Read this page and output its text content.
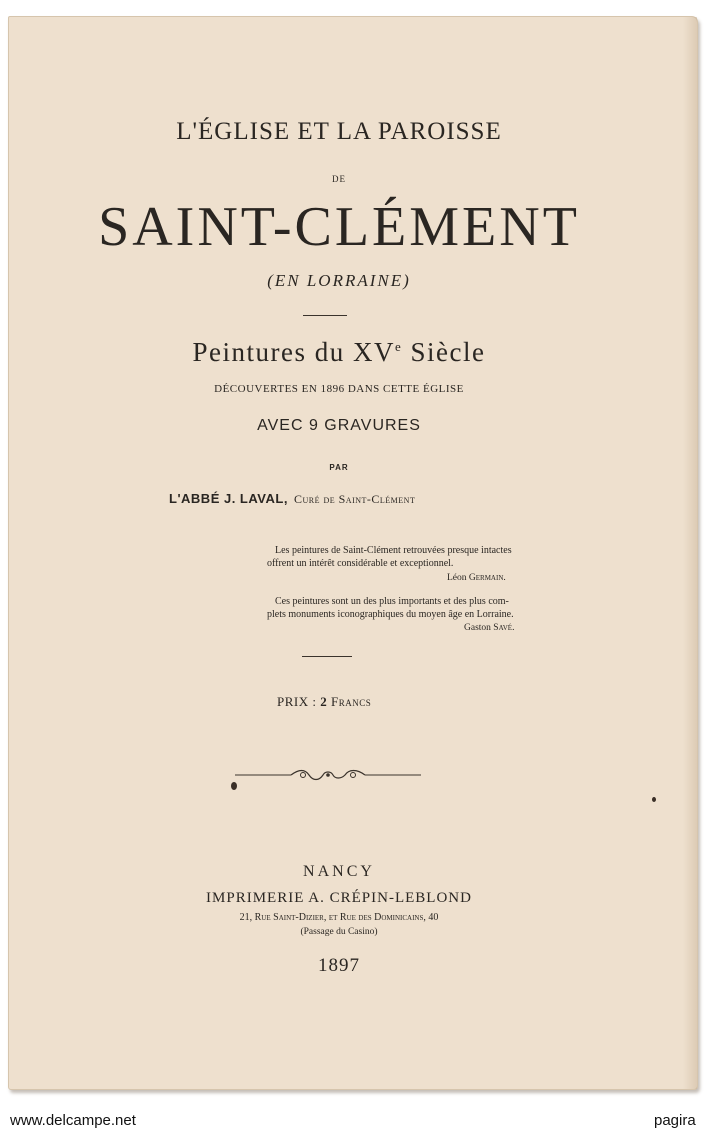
L'ÉGLISE ET LA PAROISSE
DE
SAINT-CLÉMENT
(EN LORRAINE)
Peintures du XVe Siècle
DÉCOUVERTES EN 1896 DANS CETTE ÉGLISE
AVEC 9 GRAVURES
PAR
L'ABBÉ J. LAVAL, Curé de Saint-Clément
Les peintures de Saint-Clément retrouvées presque intactes
offrent un intérêt considérable et exceptionnel.
Léon Germain.
Ces peintures sont un des plus importants et des plus com-
plets monuments iconographiques du moyen âge en Lorraine.
Gaston Savé.
PRIX : 2 Francs
NANCY
IMPRIMERIE A. CRÉPIN-LEBLOND
21, Rue Saint-Dizier, et Rue des Dominicains, 40
(Passage du Casino)
1897
www.delcampe.net	pagira
